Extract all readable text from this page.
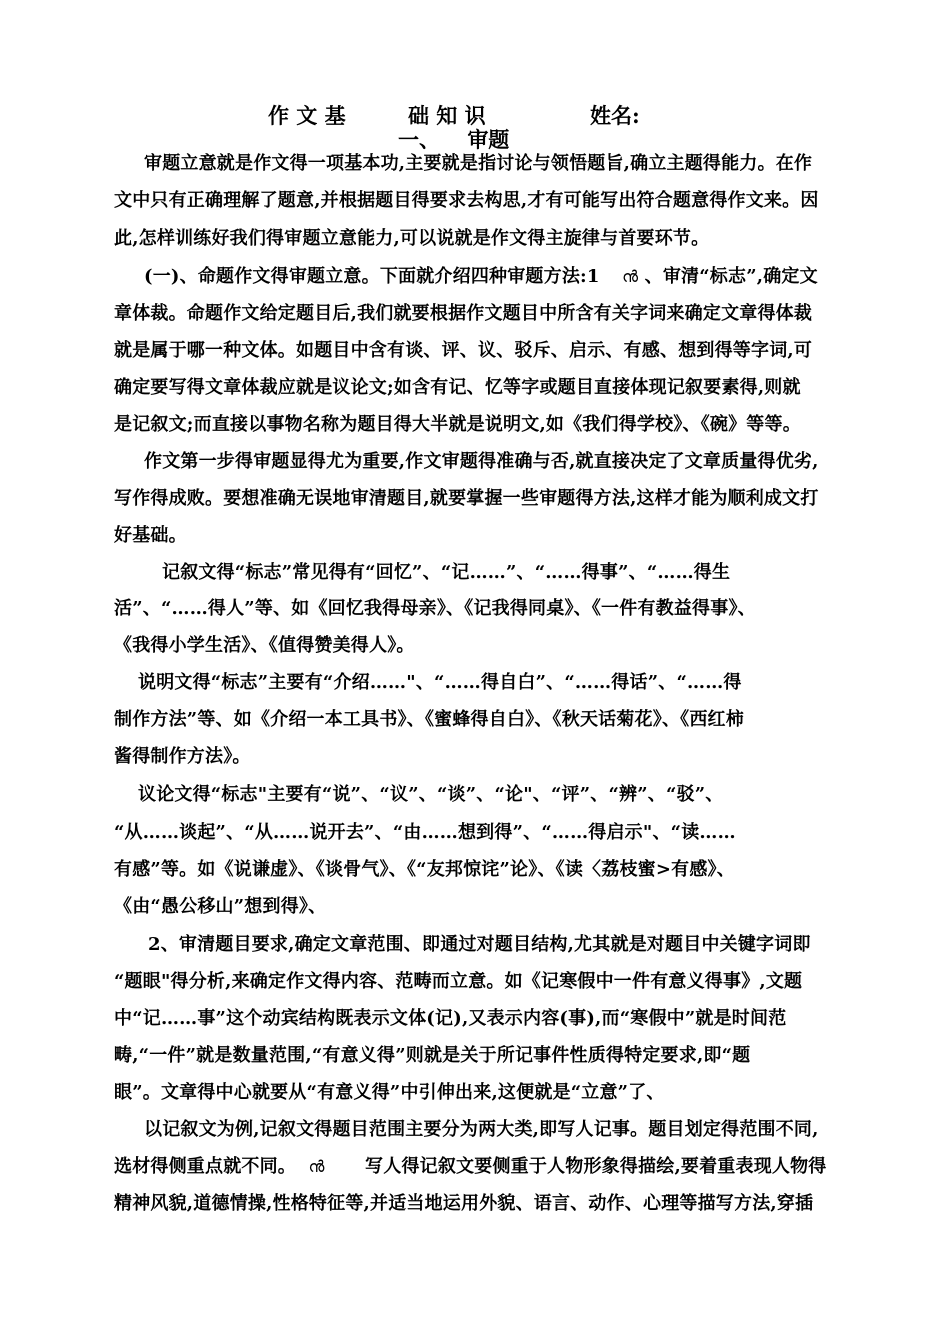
作 文 基	础 知 识	姓名:
一、 审题
审题立意就是作文得一项基本功,主要就是指讨论与领悟题旨,确立主题得能力。在作
文中只有正确理解了题意,并根据题目得要求去构思,才有可能写出符合题意得作文来。因
此,怎样训练好我们得审题立意能力,可以说就是作文得主旋律与首要环节。
(一)、命题作文得审题立意。下面就介绍四种审题方法:1 ൻ 、审清“标志”,确定文
章体裁。命题作文给定题目后,我们就要根据作文题目中所含有关字词来确定文章得体裁
就是属于哪一种文体。如题目中含有谈、评、议、驳斥、启示、有感、想到得等字词,可
确定要写得文章体裁应就是议论文;如含有记、忆等字或题目直接体现记叙要素得,则就
是记叙文;而直接以事物名称为题目得大半就是说明文,如《我们得学校》、《碗》等等。
作文第一步得审题显得尤为重要,作文审题得准确与否,就直接决定了文章质量得优劣,
写作得成败。要想准确无误地审清题目,就要掌握一些审题得方法,这样才能为顺利成文打
好基础。
记叙文得“标志”常见得有“回忆”、“记……”、“……得事”、“……得生
活”、“……得人”等、如《回忆我得母亲》、《记我得同桌》、《一件有教益得事》、
《我得小学生活》、《值得赞美得人》。
说明文得“标志”主要有“介绍……"、“……得自白”、“……得话”、“……得
制作方法”等、如《介绍一本工具书》、《蜜蜂得自白》、《秋天话菊花》、《西红柿
酱得制作方法》。
议论文得“标志"主要有“说”、“议”、“谈”、“论"、“评”、“辨”、“驳”、
“从……谈起”、“从……说开去”、“由……想到得”、“……得启示"、“读……
有感”等。如《说谦虚》、《谈骨气》、《“友邦惊诧”论》、《读〈荔枝蜜>有感》、
《由“愚公移山”想到得》、
2、审清题目要求,确定文章范围、即通过对题目结构,尤其就是对题目中关键字词即
“题眼"得分析,来确定作文得内容、范畴而立意。如《记寒假中一件有意义得事》,文题
中“记……事”这个动宾结构既表示文体(记),又表示内容(事),而“寒假中”就是时间范
畴,“一件”就是数量范围,“有意义得”则就是关于所记事件性质得特定要求,即“题
眼”。文章得中心就要从“有意义得”中引伸出来,这便就是“立意”了、
以记叙文为例,记叙文得题目范围主要分为两大类,即写人记事。题目划定得范围不同,
选材得侧重点就不同。 ൻ 写人得记叙文要侧重于人物形象得描绘,要着重表现人物得
精神风貌,道德情操,性格特征等,并适当地运用外貌、语言、动作、心理等描写方法,穿插
